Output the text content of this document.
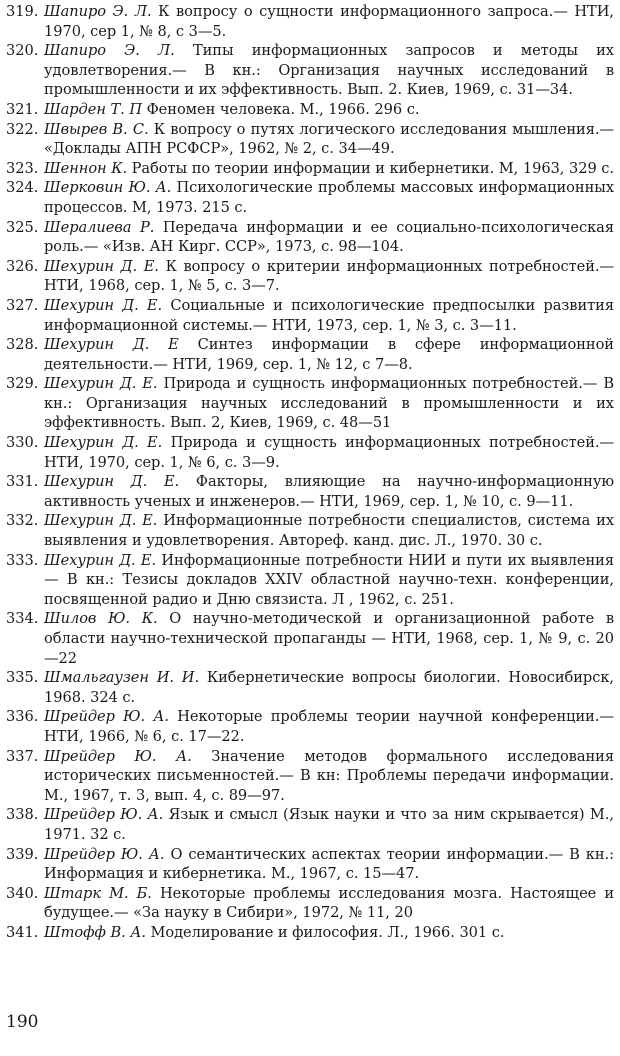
319. Шапиро Э. Л. К вопросу о сущности информационного запроса.— НТИ, 1970, сер 1, № 8, с 3—5.
320. Шапиро Э. Л. Типы информационных запросов и методы их удовлетворения.— В кн.: Организация научных исследований в промышленности и их эффективность. Вып. 2. Киев, 1969, с. 31—34.
321. Шарден Т. П Феномен человека. М., 1966. 296 с.
322. Швырев В. С. К вопросу о путях логического исследования мышления.— «Доклады АПН РСФСР», 1962, № 2, с. 34—49.
323. Шеннон К. Работы по теории информации и кибернетики. М, 1963, 329 с.
324. Шерковин Ю. А. Психологические проблемы массовых информационных процессов. М, 1973. 215 с.
325. Шералиева Р. Передача информации и ее социально-психологическая роль.— «Изв. АН Кирг. ССР», 1973, с. 98—104.
326. Шехурин Д. Е. К вопросу о критерии информационных потребностей.— НТИ, 1968, сер. 1, № 5, с. 3—7.
327. Шехурин Д. Е. Социальные и психологические предпосылки развития информационной системы.— НТИ, 1973, сер. 1, № 3, с. 3—11.
328. Шехурин Д. Е Синтез информации в сфере информационной деятельности.— НТИ, 1969, сер. 1, № 12, с 7—8.
329. Шехурин Д. Е. Природа и сущность информационных потребностей.— В кн.: Организация научных исследований в промышленности и их эффективность. Вып. 2, Киев, 1969, с. 48—51
330. Шехурин Д. Е. Природа и сущность информационных потребностей.— НТИ, 1970, сер. 1, № 6, с. 3—9.
331. Шехурин Д. Е. Факторы, влияющие на научно-информационную активность ученых и инженеров.— НТИ, 1969, сер. 1, № 10, с. 9—11.
332. Шехурин Д. Е. Информационные потребности специалистов, система их выявления и удовлетворения. Автореф. канд. дис. Л., 1970. 30 с.
333. Шехурин Д. Е. Информационные потребности НИИ и пути их выявления — В кн.: Тезисы докладов XXIV областной научно-техн. конференции, посвященной радио и Дню связиста. Л , 1962, с. 251.
334. Шилов Ю. К. О научно-методической и организационной работе в области научно-технической пропаганды — НТИ, 1968, сер. 1, № 9, с. 20—22
335. Шмальгаузен И. И. Кибернетические вопросы биологии. Новосибирск, 1968. 324 с.
336. Шрейдер Ю. А. Некоторые проблемы теории научной конференции.— НТИ, 1966, № 6, с. 17—22.
337. Шрейдер Ю. А. Значение методов формального исследования исторических письменностей.— В кн: Проблемы передачи информации. М., 1967, т. 3, вып. 4, с. 89—97.
338. Шрейдер Ю. А. Язык и смысл (Язык науки и что за ним скрывается) М., 1971. 32 с.
339. Шрейдер Ю. А. О семантических аспектах теории информации.— В кн.: Информация и кибернетика. М., 1967, с. 15—47.
340. Штарк М. Б. Некоторые проблемы исследования мозга. Настоящее и будущее.— «За науку в Сибири», 1972, № 11, 20
341. Штофф В. А. Моделирование и философия. Л., 1966. 301 с.
190
